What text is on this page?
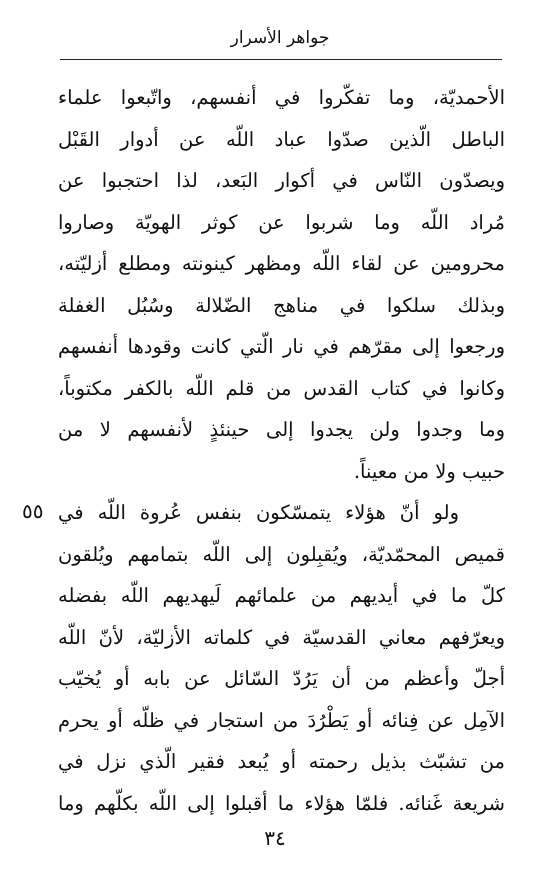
جواهر الأسرار
٥٥
الأحمديّة، وما تفكّروا في أنفسهم، واتّبعوا علماء
الباطل الّذين صدّوا عباد اللّه عن أدوار القَبْل
ويصدّون النّاس في أكوار البَعد، لذا احتجبوا عن
مُراد اللّه وما شربوا عن كوثر الهويّة وصاروا
محرومين عن لقاء اللّه ومظهر كينونته ومطلع أزليّته،
وبذلك سلكوا في مناهج الضّلالة وسُبُل الغفلة
ورجعوا إلى مقرّهم في نار الّتي كانت وقودها أنفسهم
وكانوا في كتاب القدس من قلم اللّه بالكفر مكتوباً،
وما وجدوا ولن يجدوا إلى حينئذٍ لأنفسهم لا من
حبيب ولا من معيناً.
ولو أنّ هؤلاء يتمسّكون بنفس عُروة اللّه في
قميص المحمّديّة، ويُقبِلون إلى اللّه بتمامهم ويُلقون
كلّ ما في أيديهم من علمائهم لَيهديهم اللّه بفضله
ويعرّفهم معاني القدسيّة في كلماته الأزليّة، لأنّ اللّه
أجلّ وأعظم من أن يَرُدّ السّائل عن بابه أو يُخيّب
الآمِل عن فِنائه أو يَطْرُدَ من استجار في ظلّه أو يحرم
من تشبّث بذيل رحمته أو يُبعد فقير الّذي نزل في
شريعة غَنائه. فلمّا هؤلاء ما أقبلوا إلى اللّه بكلّهم وما
٣٤
